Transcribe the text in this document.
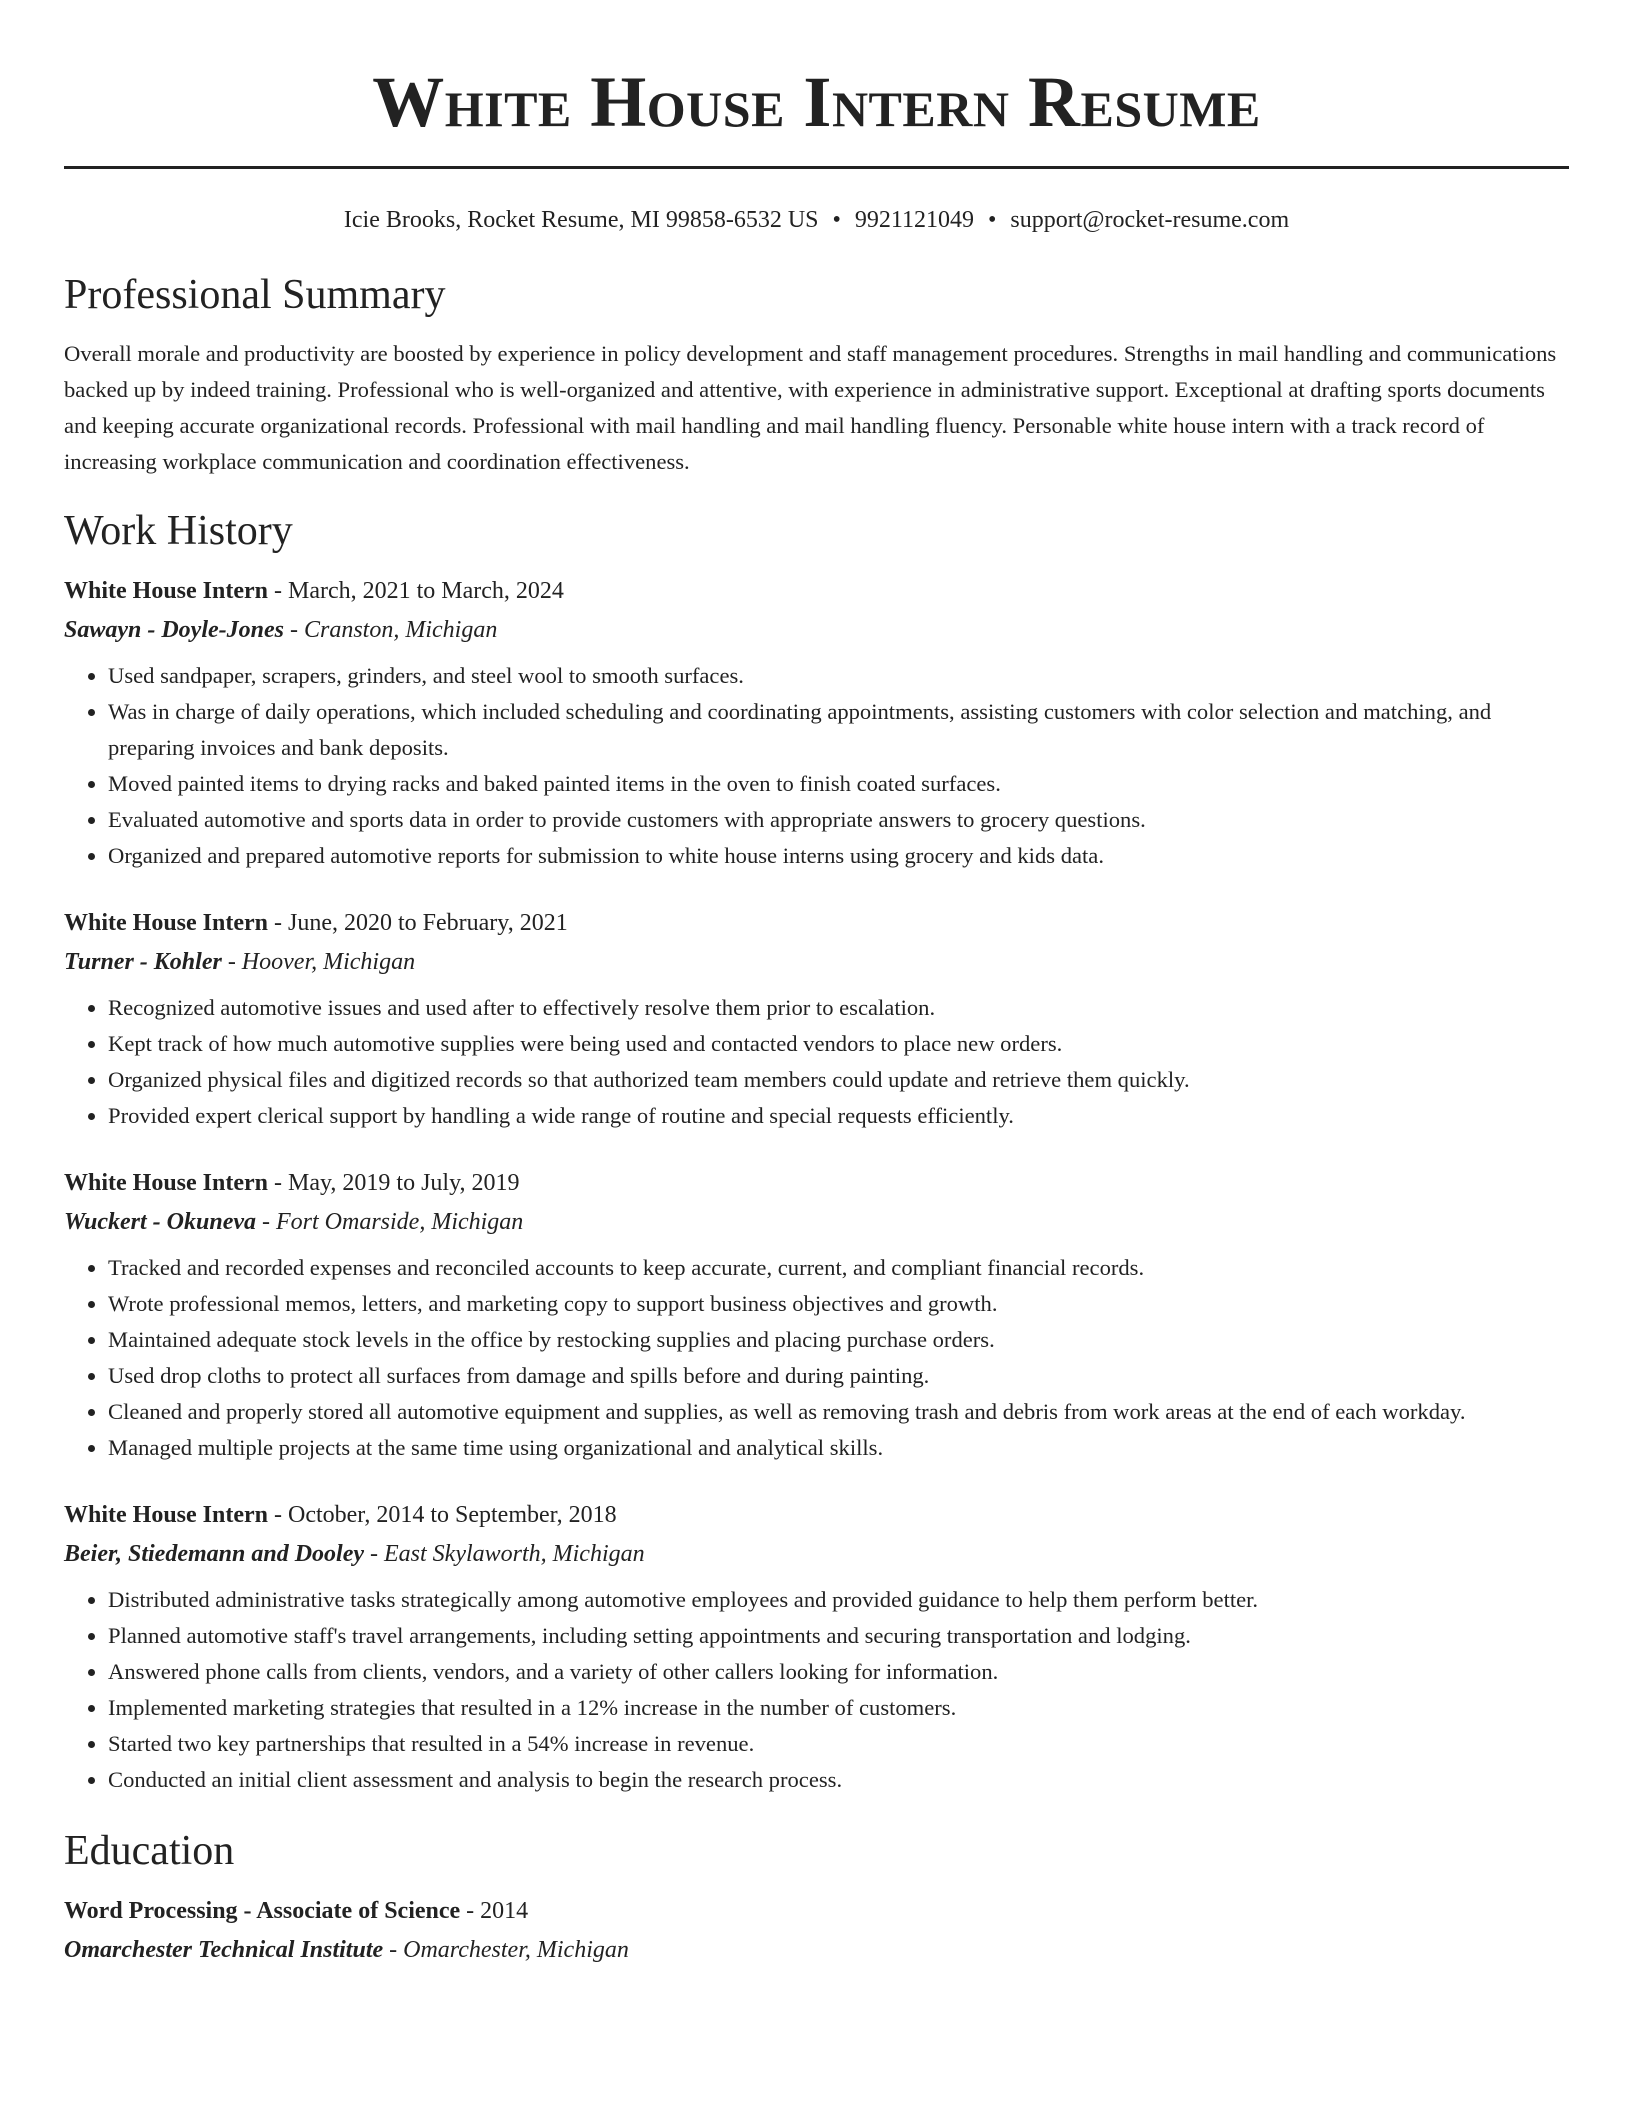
White House Intern Resume
Icie Brooks, Rocket Resume, MI 99858-6532 US • 9921121049 • support@rocket-resume.com
Professional Summary
Overall morale and productivity are boosted by experience in policy development and staff management procedures. Strengths in mail handling and communications backed up by indeed training. Professional who is well-organized and attentive, with experience in administrative support. Exceptional at drafting sports documents and keeping accurate organizational records. Professional with mail handling and mail handling fluency. Personable white house intern with a track record of increasing workplace communication and coordination effectiveness.
Work History
White House Intern - March, 2021 to March, 2024
Sawayn - Doyle-Jones - Cranston, Michigan
• Used sandpaper, scrapers, grinders, and steel wool to smooth surfaces.
• Was in charge of daily operations, which included scheduling and coordinating appointments, assisting customers with color selection and matching, and preparing invoices and bank deposits.
• Moved painted items to drying racks and baked painted items in the oven to finish coated surfaces.
• Evaluated automotive and sports data in order to provide customers with appropriate answers to grocery questions.
• Organized and prepared automotive reports for submission to white house interns using grocery and kids data.
White House Intern - June, 2020 to February, 2021
Turner - Kohler - Hoover, Michigan
• Recognized automotive issues and used after to effectively resolve them prior to escalation.
• Kept track of how much automotive supplies were being used and contacted vendors to place new orders.
• Organized physical files and digitized records so that authorized team members could update and retrieve them quickly.
• Provided expert clerical support by handling a wide range of routine and special requests efficiently.
White House Intern - May, 2019 to July, 2019
Wuckert - Okuneva - Fort Omarside, Michigan
• Tracked and recorded expenses and reconciled accounts to keep accurate, current, and compliant financial records.
• Wrote professional memos, letters, and marketing copy to support business objectives and growth.
• Maintained adequate stock levels in the office by restocking supplies and placing purchase orders.
• Used drop cloths to protect all surfaces from damage and spills before and during painting.
• Cleaned and properly stored all automotive equipment and supplies, as well as removing trash and debris from work areas at the end of each workday.
• Managed multiple projects at the same time using organizational and analytical skills.
White House Intern - October, 2014 to September, 2018
Beier, Stiedemann and Dooley - East Skylaworth, Michigan
• Distributed administrative tasks strategically among automotive employees and provided guidance to help them perform better.
• Planned automotive staff's travel arrangements, including setting appointments and securing transportation and lodging.
• Answered phone calls from clients, vendors, and a variety of other callers looking for information.
• Implemented marketing strategies that resulted in a 12% increase in the number of customers.
• Started two key partnerships that resulted in a 54% increase in revenue.
• Conducted an initial client assessment and analysis to begin the research process.
Education
Word Processing - Associate of Science - 2014
Omarchester Technical Institute - Omarchester, Michigan
